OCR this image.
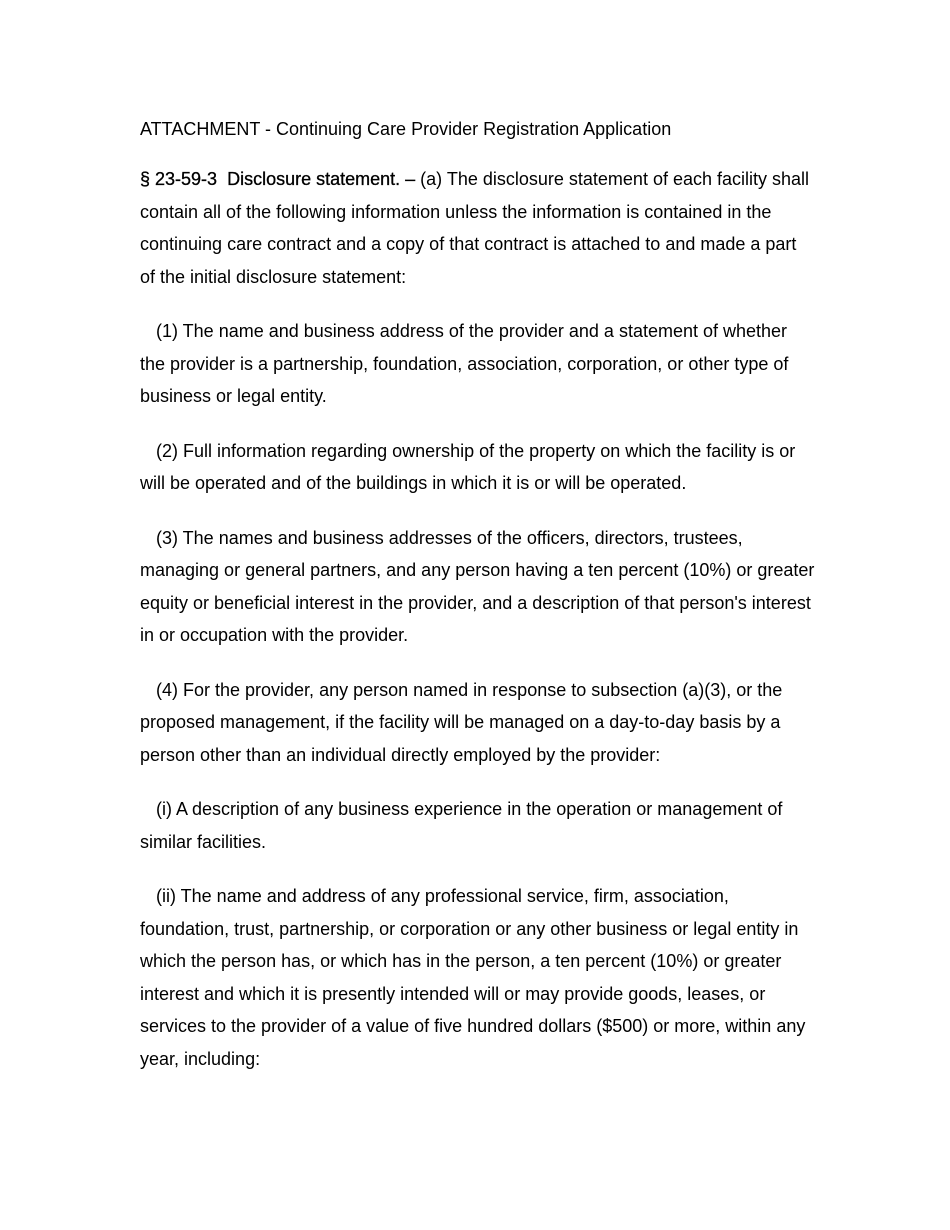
ATTACHMENT - Continuing Care Provider Registration Application

§ 23-59-3 Disclosure statement. – (a) The disclosure statement of each facility shall contain all of the following information unless the information is contained in the continuing care contract and a copy of that contract is attached to and made a part of the initial disclosure statement:

(1) The name and business address of the provider and a statement of whether the provider is a partnership, foundation, association, corporation, or other type of business or legal entity.

(2) Full information regarding ownership of the property on which the facility is or will be operated and of the buildings in which it is or will be operated.

(3) The names and business addresses of the officers, directors, trustees, managing or general partners, and any person having a ten percent (10%) or greater equity or beneficial interest in the provider, and a description of that person's interest in or occupation with the provider.

(4) For the provider, any person named in response to subsection (a)(3), or the proposed management, if the facility will be managed on a day-to-day basis by a person other than an individual directly employed by the provider:

(i) A description of any business experience in the operation or management of similar facilities.

(ii) The name and address of any professional service, firm, association, foundation, trust, partnership, or corporation or any other business or legal entity in which the person has, or which has in the person, a ten percent (10%) or greater interest and which it is presently intended will or may provide goods, leases, or services to the provider of a value of five hundred dollars ($500) or more, within any year, including:
